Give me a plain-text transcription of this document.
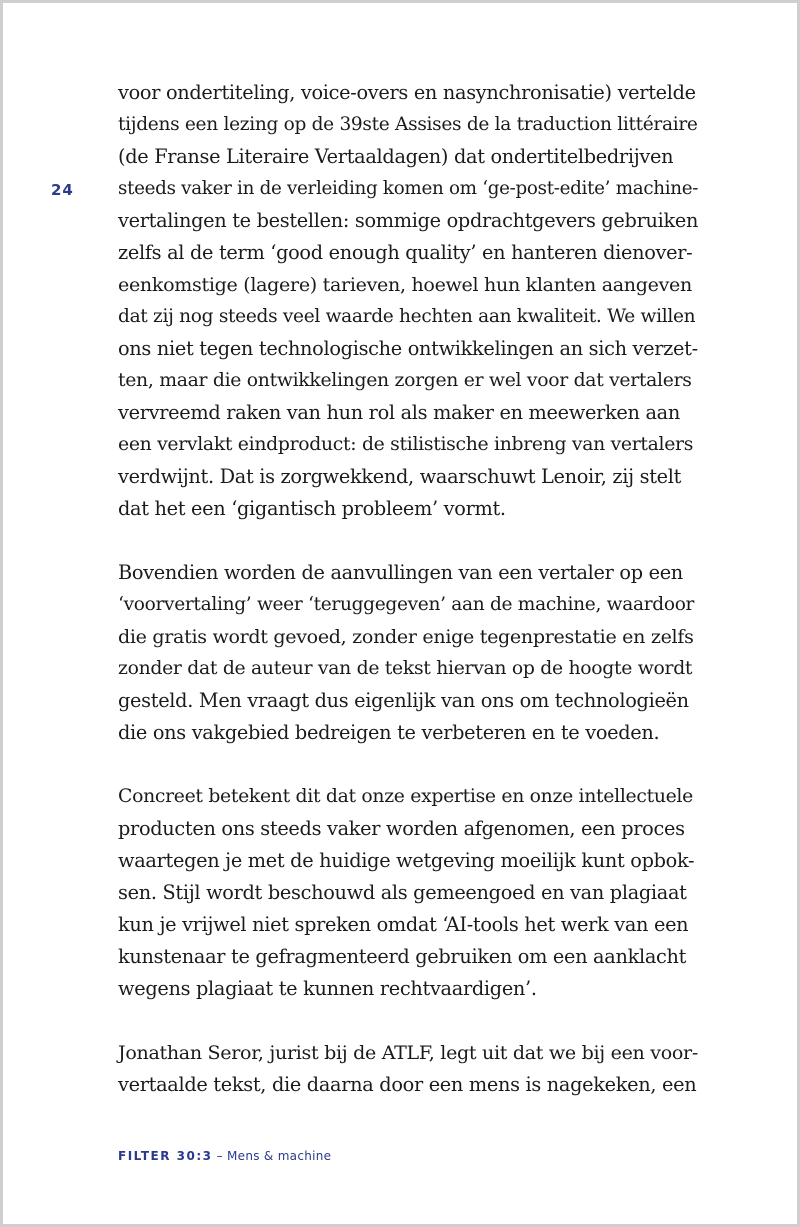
24
voor ondertiteling, voice-overs en nasynchronisatie) vertelde
tijdens een lezing op de 39ste Assises de la traduction littéraire
(de Franse Literaire Vertaaldagen) dat ondertitelbedrijven
steeds vaker in de verleiding komen om ‘ge-post-edite’ machine-
vertalingen te bestellen: sommige opdrachtgevers gebruiken
zelfs al de term ‘good enough quality’ en hanteren dienover-
eenkomstige (lagere) tarieven, hoewel hun klanten aangeven
dat zij nog steeds veel waarde hechten aan kwaliteit. We willen
ons niet tegen technologische ontwikkelingen an sich verzet-
ten, maar die ontwikkelingen zorgen er wel voor dat vertalers
vervreemd raken van hun rol als maker en meewerken aan
een vervlakt eindproduct: de stilistische inbreng van vertalers
verdwijnt. Dat is zorgwekkend, waarschuwt Lenoir, zij stelt
dat het een ‘gigantisch probleem’ vormt.
Bovendien worden de aanvullingen van een vertaler op een
‘voorvertaling’ weer ‘teruggegeven’ aan de machine, waardoor
die gratis wordt gevoed, zonder enige tegenprestatie en zelfs
zonder dat de auteur van de tekst hiervan op de hoogte wordt
gesteld. Men vraagt dus eigenlijk van ons om technologieën
die ons vakgebied bedreigen te verbeteren en te voeden.
Concreet betekent dit dat onze expertise en onze intellectuele
producten ons steeds vaker worden afgenomen, een proces
waartegen je met de huidige wetgeving moeilijk kunt opbok-
sen. Stijl wordt beschouwd als gemeengoed en van plagiaat
kun je vrijwel niet spreken omdat ‘AI-tools het werk van een
kunstenaar te gefragmenteerd gebruiken om een aanklacht
wegens plagiaat te kunnen rechtvaardigen’.
Jonathan Seror, jurist bij de ATLF, legt uit dat we bij een voor-
vertaalde tekst, die daarna door een mens is nagekeken, een
FILTER 30:3 – Mens & machine
